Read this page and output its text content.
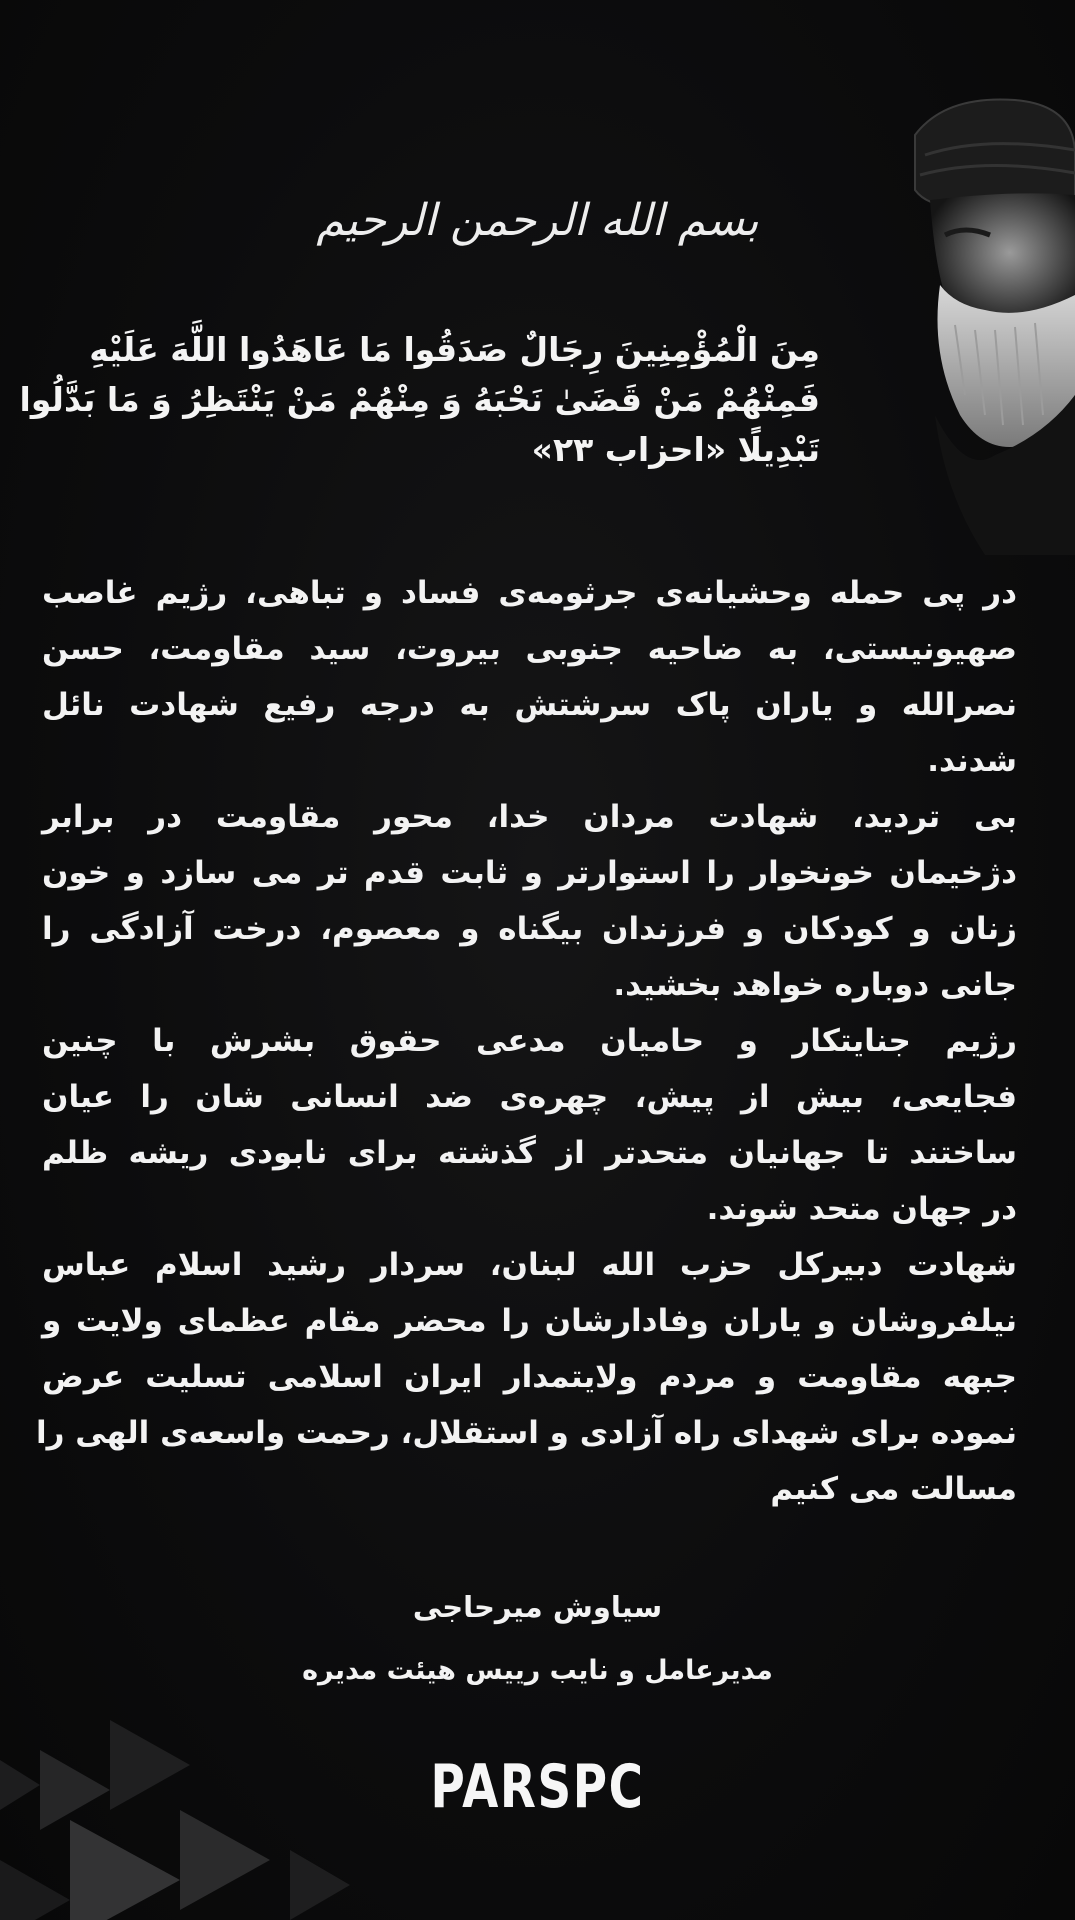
بسم الله الرحمن الرحیم
مِنَ الْمُؤْمِنِينَ رِجَالٌ صَدَقُوا مَا عَاهَدُوا اللَّهَ عَلَيْهِ
فَمِنْهُمْ مَنْ قَضَىٰ نَحْبَهُ وَ مِنْهُمْ مَنْ يَنْتَظِرُ وَ مَا بَدَّلُوا
تَبْدِيلًا «احزاب ۲۳»
در پی حمله وحشیانه‌ی جرثومه‌ی فساد و تباهی، رژیم غاصب
صهیونیستی، به ضاحیه جنوبی بیروت، سید مقاومت، حسن
نصرالله و یاران پاک سرشتش به درجه رفیع شهادت نائل
شدند.
بی تردید، شهادت مردان خدا، محور مقاومت در برابر
دژخیمان خونخوار را استوارتر و ثابت قدم تر می سازد و خون
زنان و کودکان و فرزندان بیگناه و معصوم، درخت آزادگی را
جانی دوباره خواهد بخشید.
رژیم جنایتکار و حامیان مدعی حقوق بشرش با چنین
فجایعی، بیش از پیش، چهره‌ی ضد انسانی شان را عیان
ساختند تا جهانیان متحدتر از گذشته برای نابودی ریشه ظلم
در جهان متحد شوند.
شهادت دبیرکل حزب الله لبنان، سردار رشید اسلام عباس
نیلفروشان و یاران وفادارشان را محضر مقام عظمای ولایت و
جبهه مقاومت و مردم ولایتمدار ایران اسلامی تسلیت عرض
نموده برای شهدای راه آزادی و استقلال، رحمت واسعه‌ی الهی را
مسالت می کنیم
سیاوش میرحاجی
مدیرعامل و نایب رییس هیئت مدیره
PARSPC
